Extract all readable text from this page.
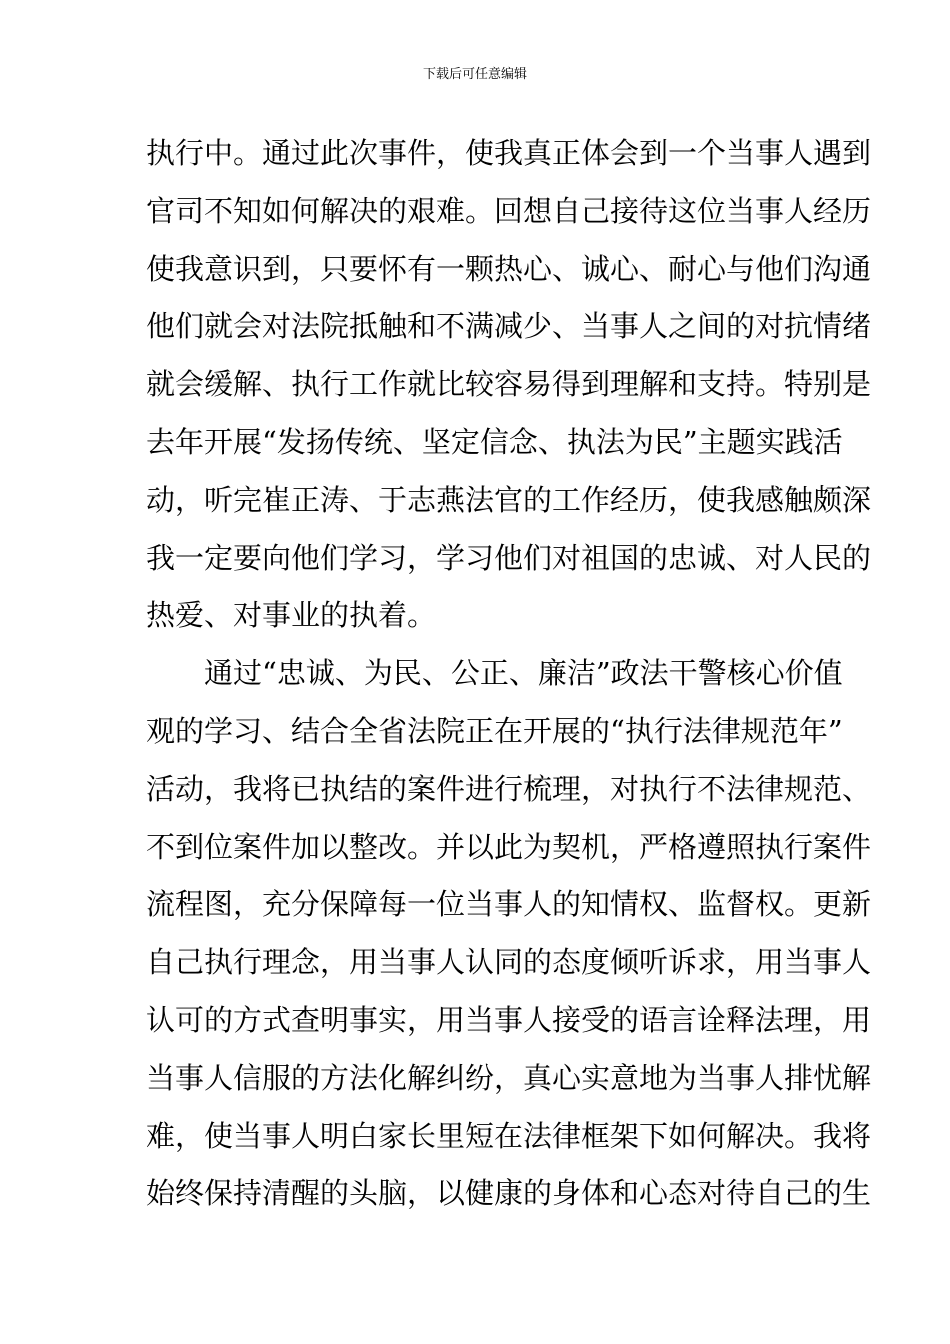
下载后可任意编辑
执行中。通过此次事件，使我真正体会到一个当事人遇到
官司不知如何解决的艰难。回想自己接待这位当事人经历
使我意识到，只要怀有一颗热心、诚心、耐心与他们沟通
他们就会对法院抵触和不满减少、当事人之间的对抗情绪
就会缓解、执行工作就比较容易得到理解和支持。特别是
去年开展“发扬传统、坚定信念、执法为民”主题实践活
动，听完崔正涛、于志燕法官的工作经历，使我感触颇深
我一定要向他们学习，学习他们对祖国的忠诚、对人民的
热爱、对事业的执着。
　　通过“忠诚、为民、公正、廉洁”政法干警核心价值
观的学习、结合全省法院正在开展的“执行法律规范年”
活动，我将已执结的案件进行梳理，对执行不法律规范、
不到位案件加以整改。并以此为契机，严格遵照执行案件
流程图，充分保障每一位当事人的知情权、监督权。更新
自己执行理念，用当事人认同的态度倾听诉求，用当事人
认可的方式查明事实，用当事人接受的语言诠释法理，用
当事人信服的方法化解纠纷，真心实意地为当事人排忧解
难，使当事人明白家长里短在法律框架下如何解决。我将
始终保持清醒的头脑，以健康的身体和心态对待自己的生
